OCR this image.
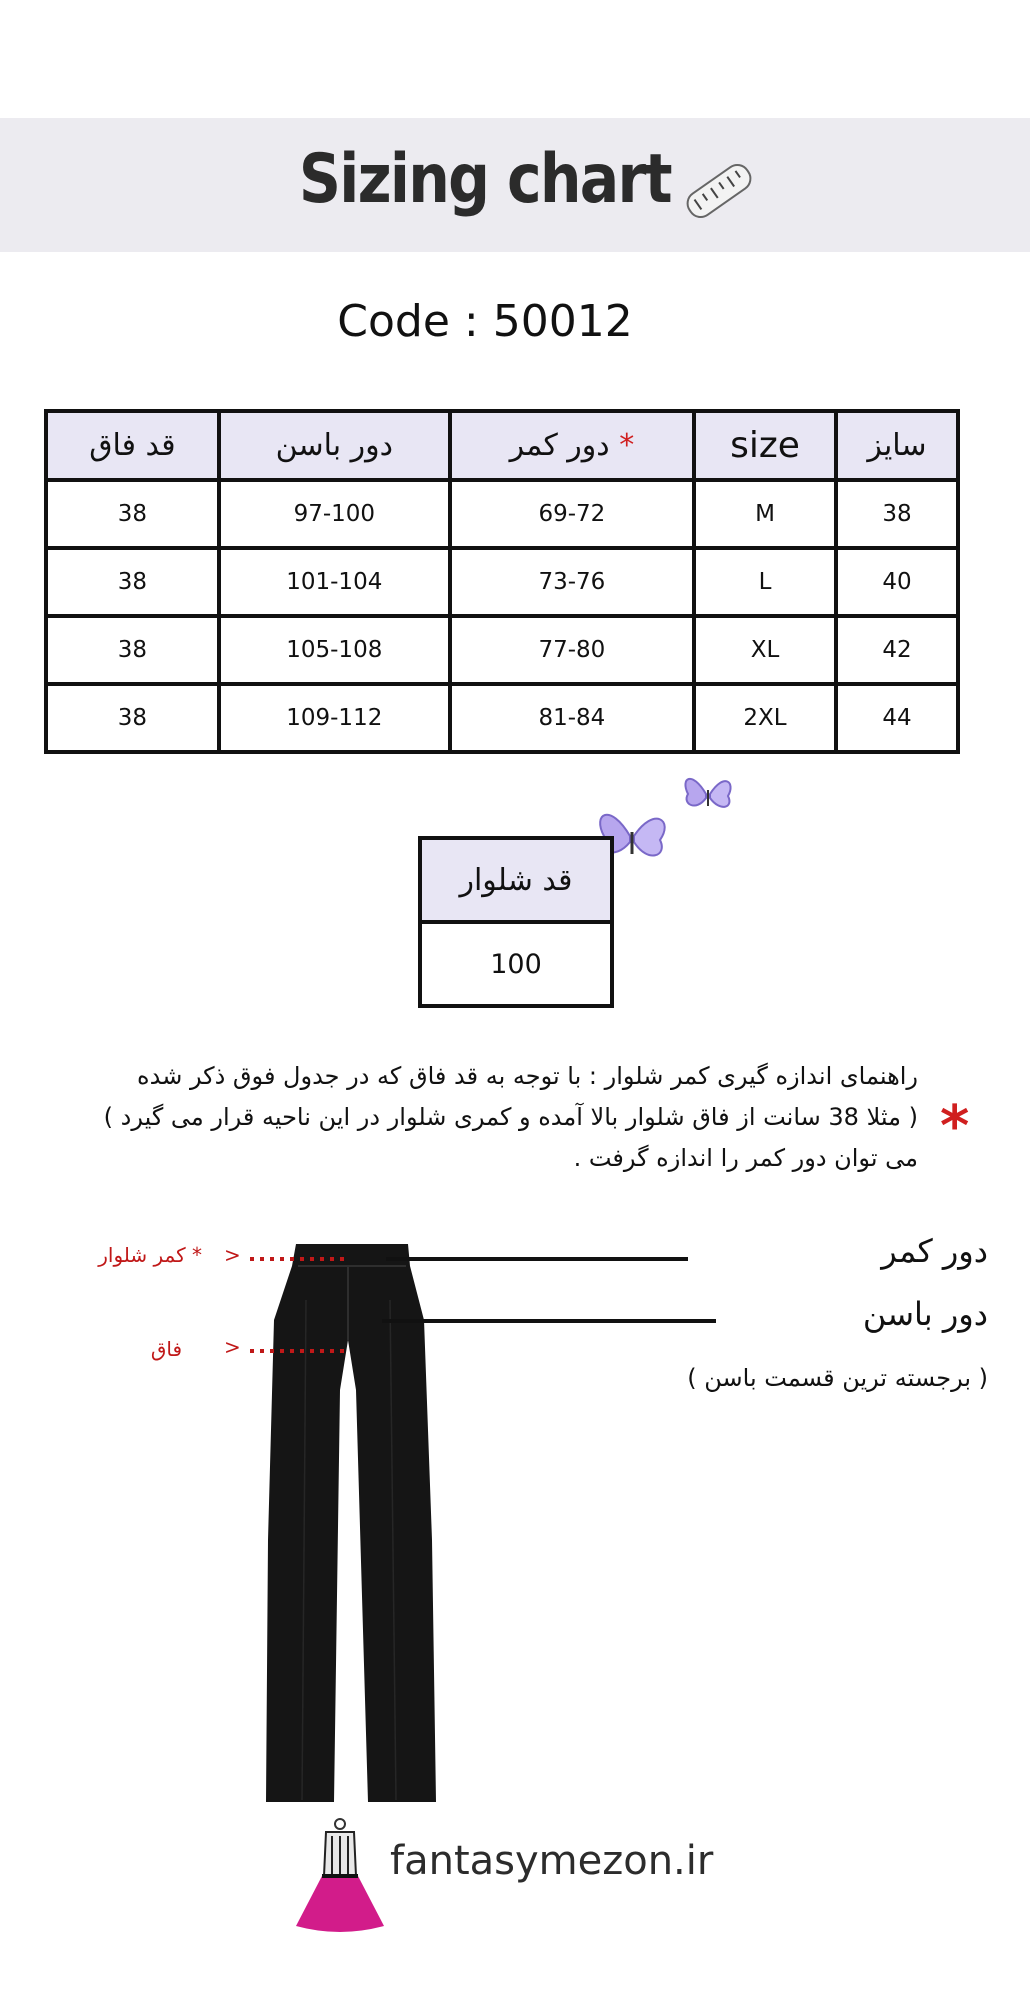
Sizing chart
Code : 50012
قد فاق	دور باسن	دور کمر *	size	سایز
38	97-100	69-72	M	38
38	101-104	73-76	L	40
38	105-108	77-80	XL	42
38	109-112	81-84	2XL	44
قد شلوار
100
*
راهنمای اندازه گیری کمر شلوار : با توجه به قد فاق که در جدول فوق ذکر شده
( مثلا 38 سانت از فاق شلوار بالا آمده و کمری شلوار در این ناحیه قرار می گیرد )
می توان دور کمر را اندازه گرفت .
<
<
* کمر شلوار
فاق
دور کمر
دور باسن
( برجسته ترین قسمت باسن )
fantasymezon.ir
